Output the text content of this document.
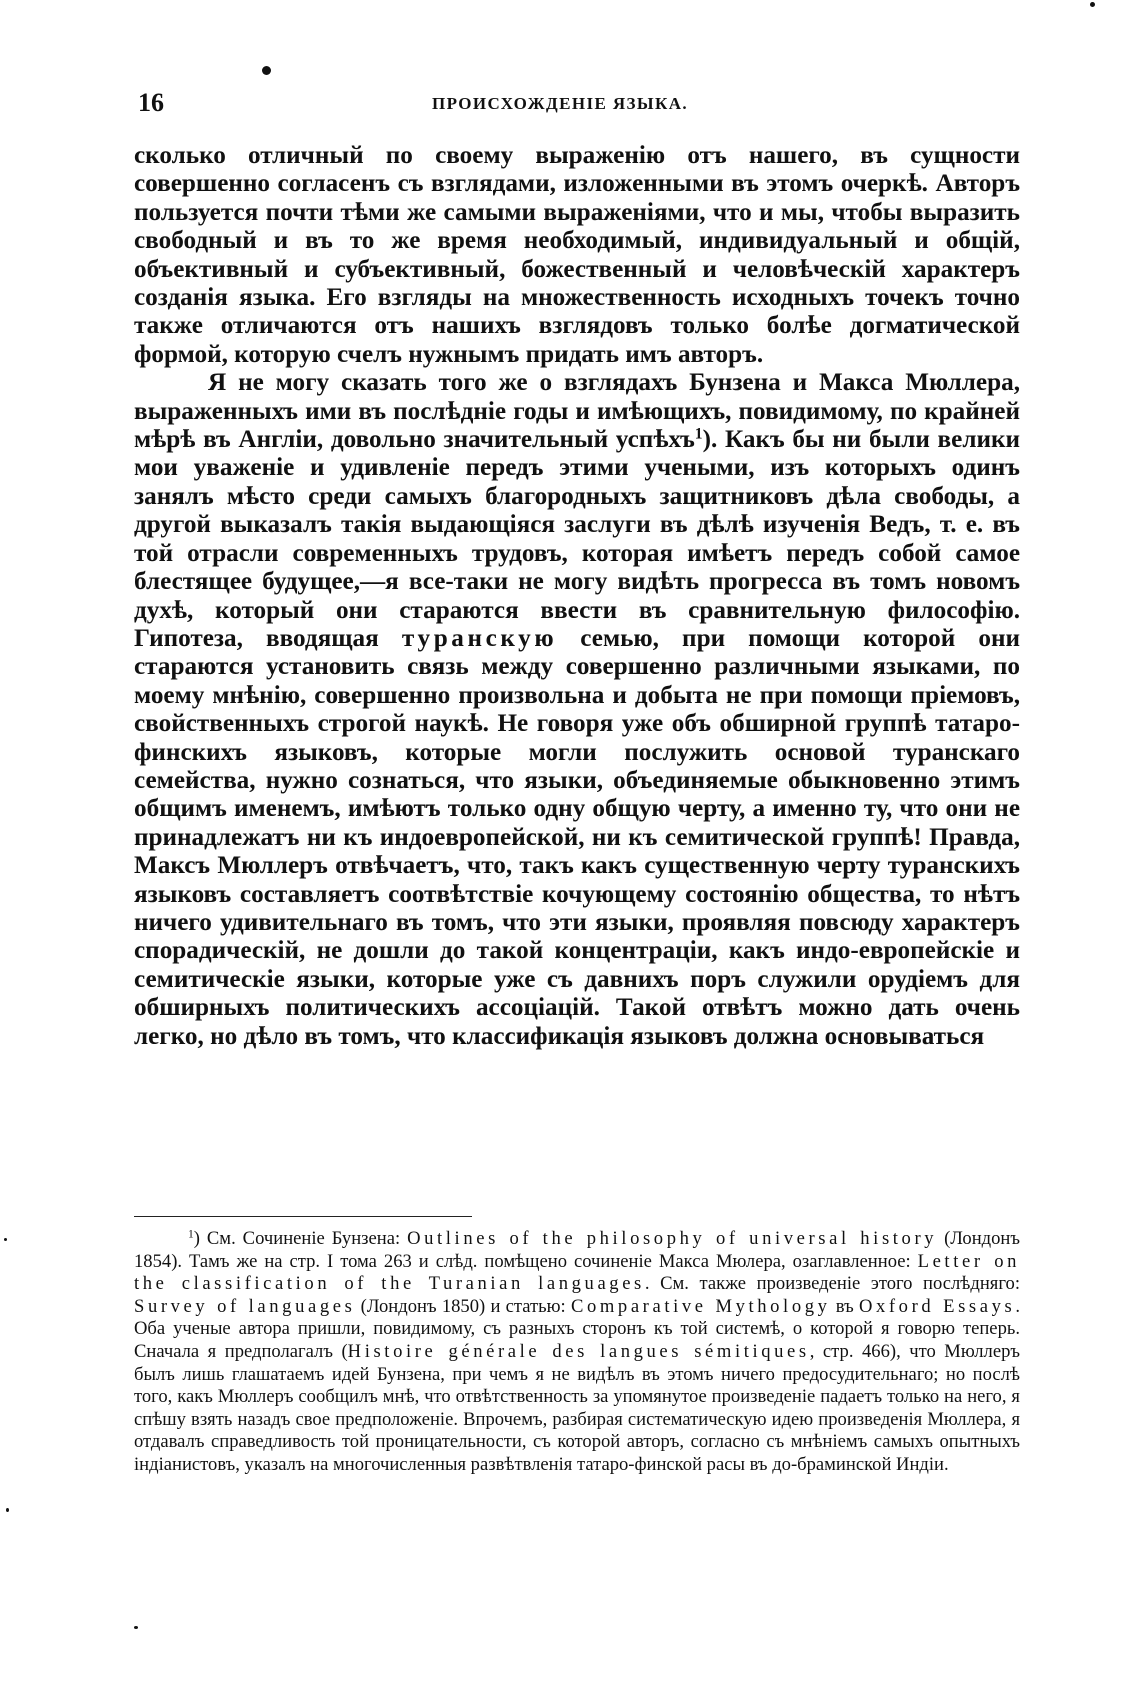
16	ПРОИСХОЖДЕНІЕ ЯЗЫКА.

сколько отличный по своему выраженію отъ нашего, въ сущности совершенно согласенъ съ взглядами, изложенными въ этомъ очеркѣ. Авторъ пользуется почти тѣми же самыми выраженіями, что и мы, чтобы выразить свободный и въ то же время необходимый, индивидуальный и общій, объективный и субъективный, божественный и человѣческій характеръ созданія языка. Его взгляды на множественность исходныхъ точекъ точно также отличаются отъ нашихъ взглядовъ только болѣе догматической формой, которую счелъ нужнымъ придать имъ авторъ.

Я не могу сказать того же о взглядахъ Бунзена и Макса Мюллера, выраженныхъ ими въ послѣдніе годы и имѣющихъ, повидимому, по крайней мѣрѣ въ Англіи, довольно значительный успѣхъ$^1$). Какъ бы ни были велики мои уваженіе и удивленіе передъ этими учеными, изъ которыхъ одинъ занялъ мѣсто среди самыхъ благородныхъ защитниковъ дѣла свободы, а другой выказалъ такія выдающіяся заслуги въ дѣлѣ изученія Ведъ, т. е. въ той отрасли современныхъ трудовъ, которая имѣетъ передъ собой самое блестящее будущее,—я все-таки не могу видѣть прогресса въ томъ новомъ духѣ, который они стараются ввести въ сравнительную философію. Гипотеза, вводящая туранскую семью, при помощи которой они стараются установить связь между совершенно различными языками, по моему мнѣнію, совершенно произвольна и добыта не при помощи пріемовъ, свойственныхъ строгой наукѣ. Не говоря уже объ обширной группѣ татаро-финскихъ языковъ, которые могли послужить основой туранскаго семейства, нужно сознаться, что языки, объединяемые обыкновенно этимъ общимъ именемъ, имѣютъ только одну общую черту, а именно ту, что они не принадлежатъ ни къ индоевропейской, ни къ семитической группѣ! Правда, Максъ Мюллеръ отвѣчаетъ, что, такъ какъ существенную черту туранскихъ языковъ составляетъ соотвѣтствіе кочующему состоянію общества, то нѣтъ ничего удивительнаго въ томъ, что эти языки, проявляя повсюду характеръ спорадическій, не дошли до такой концентраціи, какъ индо-европейскіе и семитическіе языки, которые уже съ давнихъ поръ служили орудіемъ для обширныхъ политическихъ ассоціацій. Такой отвѣтъ можно дать очень легко, но дѣло въ томъ, что классификація языковъ должна основываться

$^1$) См. Сочиненіе Бунзена: Outlines of the philosophy of universal history (Лондонъ 1854). Тамъ же на стр. I тома 263 и слѣд. помѣщено сочиненіе Макса Мюлера, озаглавленное: Letter on the classification of the Turanian languages. См. также произведеніе этого послѣдняго: Survey of languages (Лондонъ 1850) и статью: Comparative Mythology въ Oxford Essays. Оба ученые автора пришли, повидимому, съ разныхъ сторонъ къ той системѣ, о которой я говорю теперь. Сначала я предполагалъ (Histoire générale des langues sémitiques, стр. 466), что Мюллеръ былъ лишь глашатаемъ идей Бунзена, при чемъ я не видѣлъ въ этомъ ничего предосудительнаго; но послѣ того, какъ Мюллеръ сообщилъ мнѣ, что отвѣтственность за упомянутое произведеніе падаетъ только на него, я спѣшу взять назадъ свое предположеніе. Впрочемъ, разбирая систематическую идею произведенія Мюллера, я отдавалъ справедливость той проницательности, съ которой авторъ, согласно съ мнѣніемъ самыхъ опытныхъ індіанистовъ, указалъ на многочисленныя развѣтвленія татаро-финской расы въ до-браминской Индіи.
